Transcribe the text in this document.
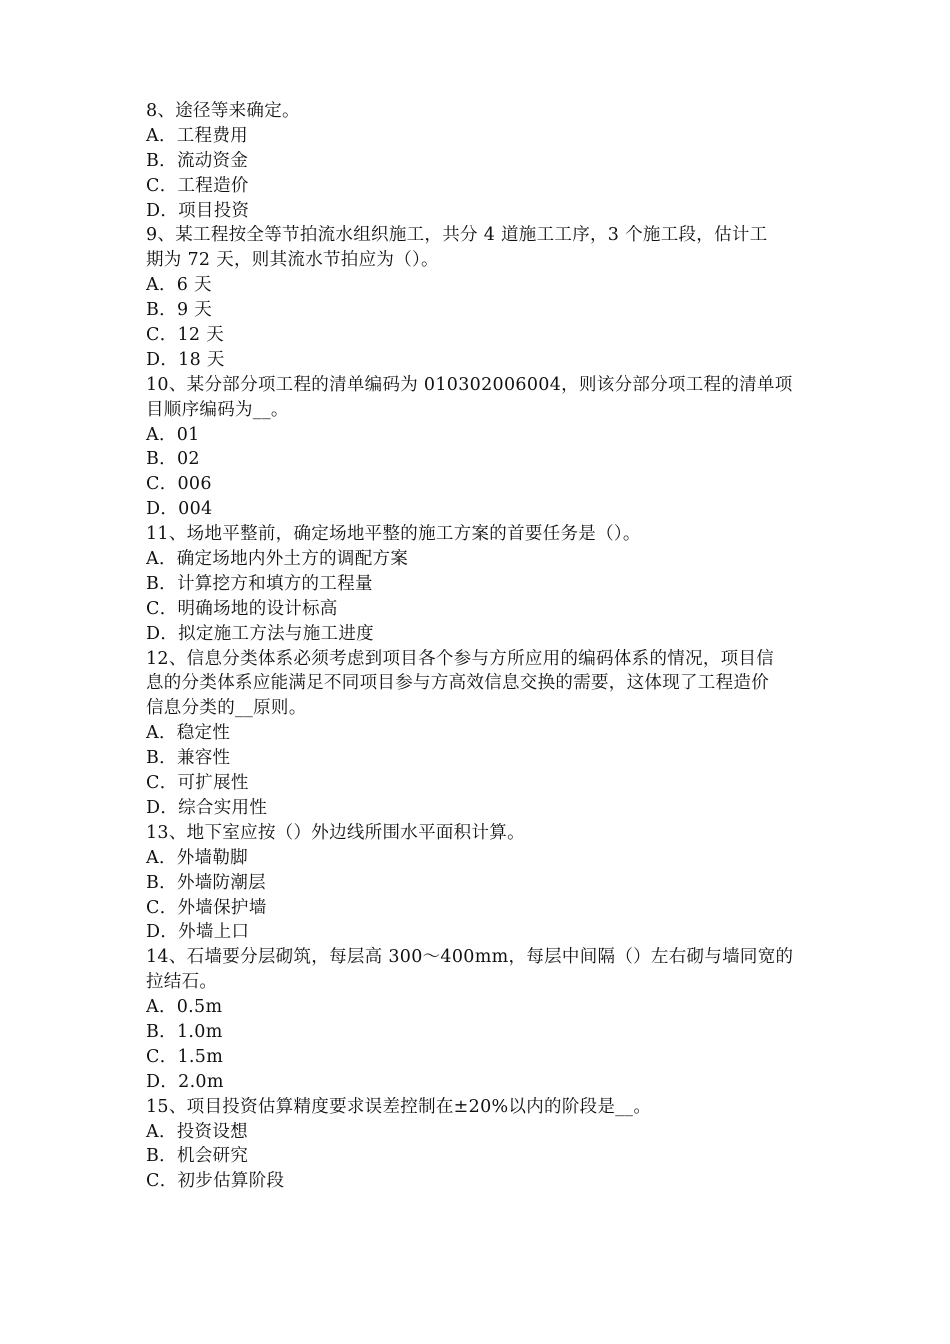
8、途径等来确定。
A．工程费用
B．流动资金
C．工程造价
D．项目投资
9、某工程按全等节拍流水组织施工，共分 4 道施工工序，3 个施工段，估计工
期为 72 天，则其流水节拍应为（）。
A．6 天
B．9 天
C．12 天
D．18 天
10、某分部分项工程的清单编码为 010302006004，则该分部分项工程的清单项
目顺序编码为__。
A．01
B．02
C．006
D．004
11、场地平整前，确定场地平整的施工方案的首要任务是（）。
A．确定场地内外土方的调配方案
B．计算挖方和填方的工程量
C．明确场地的设计标高
D．拟定施工方法与施工进度
12、信息分类体系必须考虑到项目各个参与方所应用的编码体系的情况，项目信
息的分类体系应能满足不同项目参与方高效信息交换的需要，这体现了工程造价
信息分类的__原则。
A．稳定性
B．兼容性
C．可扩展性
D．综合实用性
13、地下室应按（）外边线所围水平面积计算。
A．外墙勒脚
B．外墙防潮层
C．外墙保护墙
D．外墙上口
14、石墙要分层砌筑，每层高 300～400mm，每层中间隔（）左右砌与墙同宽的
拉结石。
A．0.5m
B．1.0m
C．1.5m
D．2.0m
15、项目投资估算精度要求误差控制在±20%以内的阶段是__。
A．投资设想
B．机会研究
C．初步估算阶段
